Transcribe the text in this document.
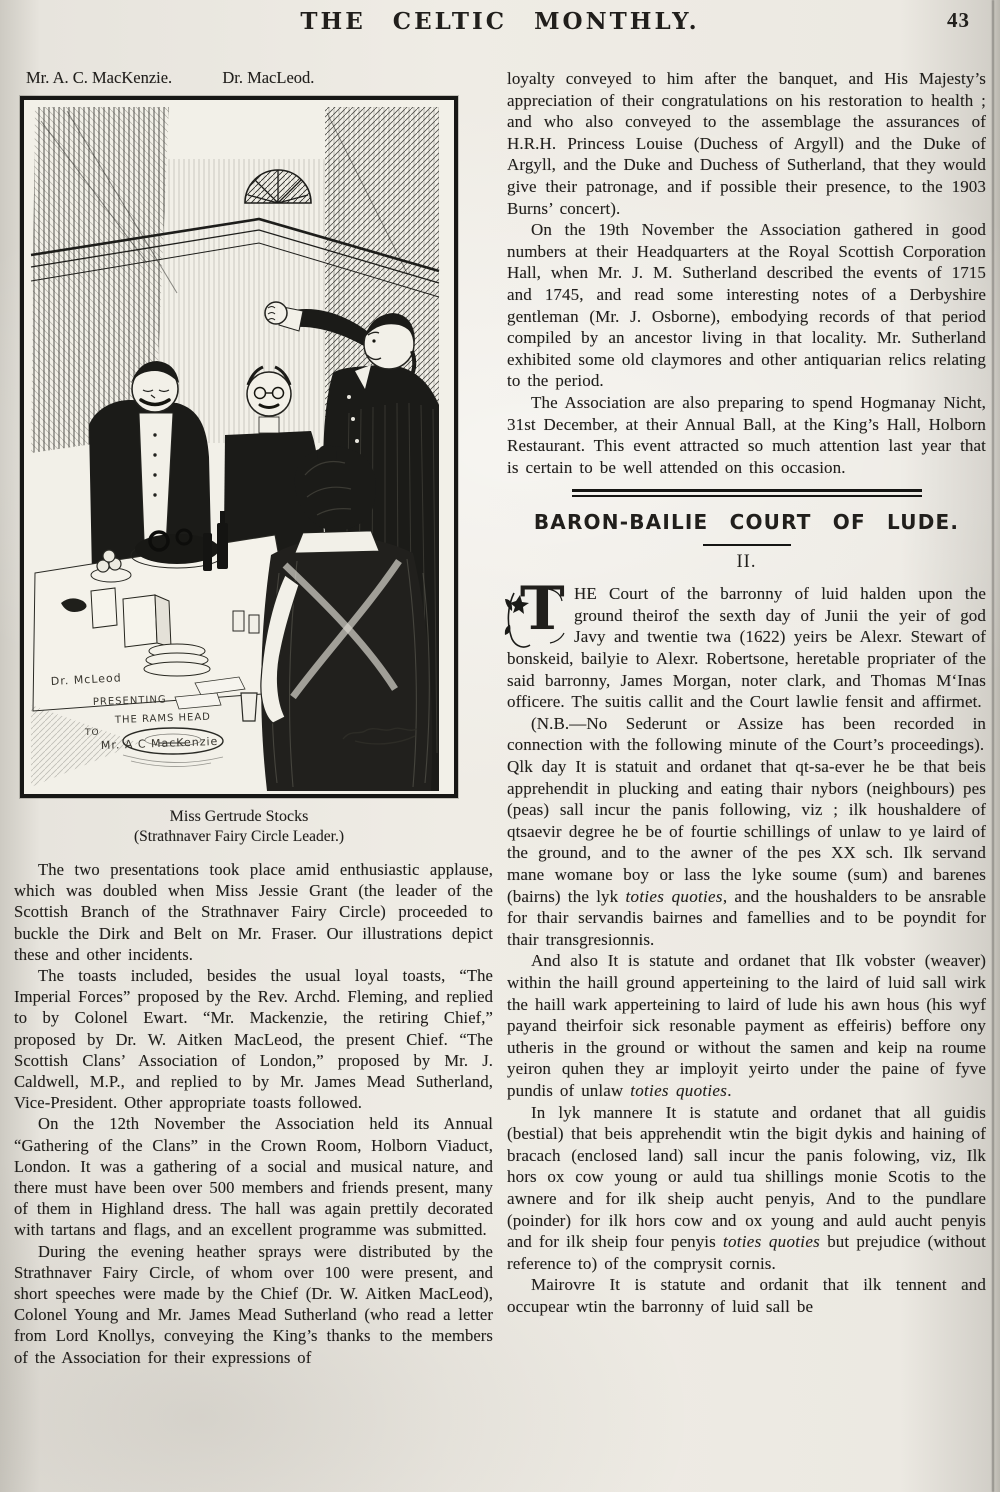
THE CELTIC MONTHLY.	43
Mr. A. C. MacKenzie.	Dr. MacLeod.
Dr. McLeod
PRESENTING
THE RAMS HEAD
TO
Mr. A C MacKenzie
Miss Gertrude Stocks
(Strathnaver Fairy Circle Leader.)

The two presentations took place amid enthusiastic applause, which was doubled when Miss Jessie Grant (the leader of the Scottish Branch of the Strathnaver Fairy Circle) proceeded to buckle the Dirk and Belt on Mr. Fraser. Our illustrations depict these and other incidents.

The toasts included, besides the usual loyal toasts, “The Imperial Forces” proposed by the Rev. Archd. Fleming, and replied to by Colonel Ewart. “Mr. Mackenzie, the retiring Chief,” proposed by Dr. W. Aitken MacLeod, the present Chief. “The Scottish Clans’ Association of London,” proposed by Mr. J. Caldwell, M.P., and replied to by Mr. James Mead Sutherland, Vice-President. Other appropriate toasts followed.

On the 12th November the Association held its Annual “Gathering of the Clans” in the Crown Room, Holborn Viaduct, London. It was a gathering of a social and musical nature, and there must have been over 500 members and friends present, many of them in Highland dress. The hall was again prettily decorated with tartans and flags, and an excellent programme was submitted.

During the evening heather sprays were distributed by the Strathnaver Fairy Circle, of whom over 100 were present, and short speeches were made by the Chief (Dr. W. Aitken MacLeod), Colonel Young and Mr. James Mead Sutherland (who read a letter from Lord Knollys, conveying the King’s thanks to the members of the Association for their expressions of

loyalty conveyed to him after the banquet, and His Majesty’s appreciation of their congratulations on his restoration to health ; and who also conveyed to the assemblage the assurances of H.R.H. Princess Louise (Duchess of Argyll) and the Duke of Argyll, and the Duke and Duchess of Sutherland, that they would give their patronage, and if possible their presence, to the 1903 Burns’ concert).

On the 19th November the Association gathered in good numbers at their Headquarters at the Royal Scottish Corporation Hall, when Mr. J. M. Sutherland described the events of 1715 and 1745, and read some interesting notes of a Derbyshire gentleman (Mr. J. Osborne), embodying records of that period compiled by an ancestor living in that locality. Mr. Sutherland exhibited some old claymores and other antiquarian relics relating to the period.

The Association are also preparing to spend Hogmanay Nicht, 31st December, at their Annual Ball, at the King’s Hall, Holborn Restaurant. This event attracted so much attention last year that is certain to be well attended on this occasion.

BARON-BAILIE COURT OF LUDE.
II.

T HE Court of the barronny of luid halden upon the ground theirof the sexth day of Junii the yeir of god Javy and twentie twa (1622) yeirs be Alexr. Stewart of bonskeid, bailyie to Alexr. Robertsone, heretable propriater of the said barronny, James Morgan, noter clark, and Thomas M‘Inas officere. The suitis callit and the Court lawlie fensit and affirmet.

(N.B.—No Sederunt or Assize has been recorded in connection with the following minute of the Court’s proceedings).

Qlk day It is statuit and ordanet that qt-sa-ever he be that beis apprehendit in plucking and eating thair nybors (neighbours) pes (peas) sall incur the panis following, viz ; ilk houshaldere of qtsaevir degree he be of fourtie schillings of unlaw to ye laird of the ground, and to the awner of the pes XX sch. Ilk servand mane womane boy or lass the lyke soume (sum) and barenes (bairns) the lyk toties quoties, and the houshalders to be ansrable for thair servandis bairnes and famellies and to be poyndit for thair transgresionnis.

And also It is statute and ordanet that Ilk vobster (weaver) within the haill ground apperteining to the laird of luid sall wirk the haill wark apperteining to laird of lude his awn hous (his wyf payand theirfoir sick resonable payment as effeiris) beffore ony utheris in the ground or without the samen and keip na roume yeiron quhen they ar imployit yeirto under the paine of fyve pundis of unlaw toties quoties.

In lyk mannere It is statute and ordanet that all guidis (bestial) that beis apprehendit wtin the bigit dykis and haining of bracach (enclosed land) sall incur the panis folowing, viz, Ilk hors ox cow young or auld tua shillings monie Scotis to the awnere and for ilk sheip aucht penyis, And to the pundlare (poinder) for ilk hors cow and ox young and auld aucht penyis and for ilk sheip four penyis toties quoties but prejudice (without reference to) of the comprysit cornis.

Mairovre It is statute and ordanit that ilk tennent and occupear wtin the barronny of luid sall be
